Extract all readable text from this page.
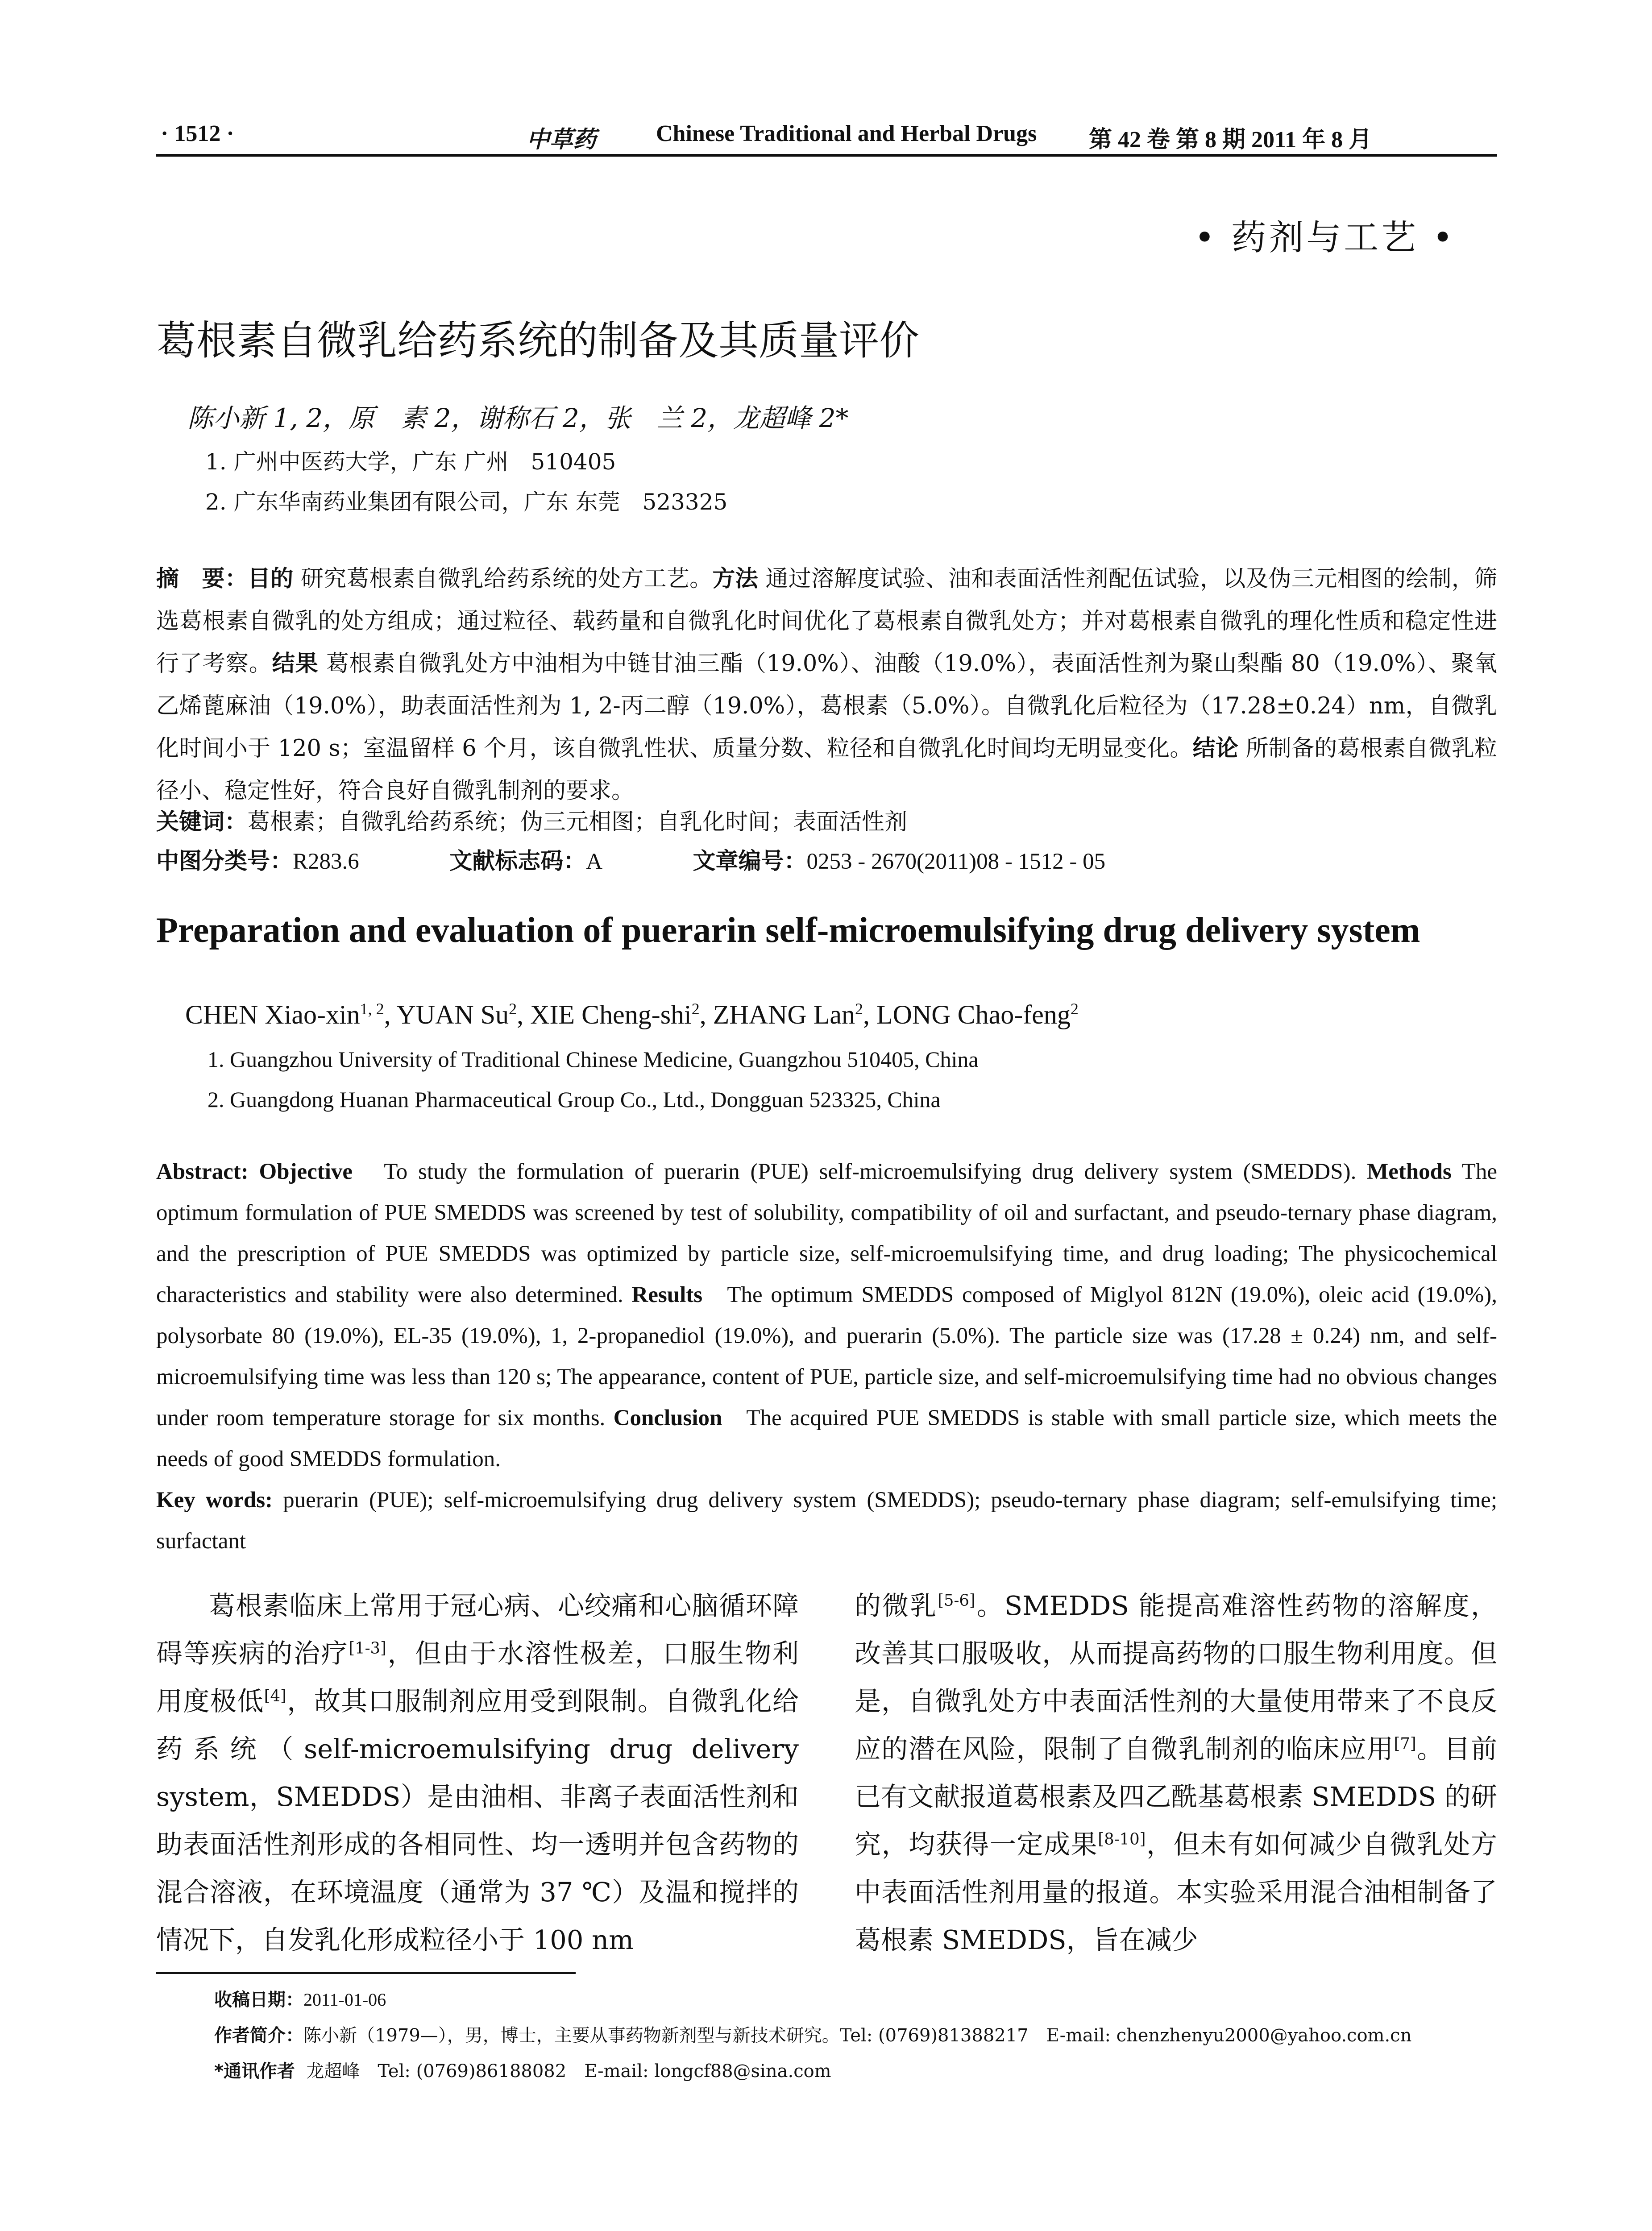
· 1512 ·	中草药	Chinese Traditional and Herbal Drugs 第 42 卷 第 8 期 2011 年 8 月
• 药剂与工艺 •
葛根素自微乳给药系统的制备及其质量评价
陈小新 1, 2，原　素 2，谢称石 2，张　兰 2，龙超峰 2*
1. 广州中医药大学，广东 广州　510405
2. 广东华南药业集团有限公司，广东 东莞　523325
摘　要：目的 研究葛根素自微乳给药系统的处方工艺。方法 通过溶解度试验、油和表面活性剂配伍试验，以及伪三元相图的绘制，筛选葛根素自微乳的处方组成；通过粒径、载药量和自微乳化时间优化了葛根素自微乳处方；并对葛根素自微乳的理化性质和稳定性进行了考察。结果 葛根素自微乳处方中油相为中链甘油三酯（19.0%）、油酸（19.0%），表面活性剂为聚山梨酯 80（19.0%）、聚氧乙烯蓖麻油（19.0%），助表面活性剂为 1, 2-丙二醇（19.0%），葛根素（5.0%）。自微乳化后粒径为（17.28±0.24）nm，自微乳化时间小于 120 s；室温留样 6 个月，该自微乳性状、质量分数、粒径和自微乳化时间均无明显变化。结论 所制备的葛根素自微乳粒径小、稳定性好，符合良好自微乳制剂的要求。
关键词：葛根素；自微乳给药系统；伪三元相图；自乳化时间；表面活性剂
中图分类号：R283.6	文献标志码：A	文章编号：0253 - 2670(2011)08 - 1512 - 05
Preparation and evaluation of puerarin self-microemulsifying drug delivery system
CHEN Xiao-xin$^{1, 2}$, YUAN Su$^2$, XIE Cheng-shi$^2$, ZHANG Lan$^2$, LONG Chao-feng$^2$
1. Guangzhou University of Traditional Chinese Medicine, Guangzhou 510405, China
2. Guangdong Huanan Pharmaceutical Group Co., Ltd., Dongguan 523325, China
Abstract: Objective To study the formulation of puerarin (PUE) self-microemulsifying drug delivery system (SMEDDS). Methods The optimum formulation of PUE SMEDDS was screened by test of solubility, compatibility of oil and surfactant, and pseudo-ternary phase diagram, and the prescription of PUE SMEDDS was optimized by particle size, self-microemulsifying time, and drug loading; The physicochemical characteristics and stability were also determined. Results The optimum SMEDDS composed of Miglyol 812N (19.0%), oleic acid (19.0%), polysorbate 80 (19.0%), EL-35 (19.0%), 1, 2-propanediol (19.0%), and puerarin (5.0%). The particle size was (17.28 ± 0.24) nm, and self-microemulsifying time was less than 120 s; The appearance, content of PUE, particle size, and self-microemulsifying time had no obvious changes under room temperature storage for six months. Conclusion The acquired PUE SMEDDS is stable with small particle size, which meets the needs of good SMEDDS formulation.
Key words: puerarin (PUE); self-microemulsifying drug delivery system (SMEDDS); pseudo-ternary phase diagram; self-emulsifying time; surfactant

葛根素临床上常用于冠心病、心绞痛和心脑循环障碍等疾病的治疗[1-3]，但由于水溶性极差，口服生物利用度极低[4]，故其口服制剂应用受到限制。自微乳化给药系统（self-microemulsifying drug delivery system，SMEDDS）是由油相、非离子表面活性剂和助表面活性剂形成的各相同性、均一透明并包含药物的混合溶液，在环境温度（通常为 37 ℃）及温和搅拌的情况下，自发乳化形成粒径小于 100 nm

的微乳[5-6]。SMEDDS 能提高难溶性药物的溶解度，改善其口服吸收，从而提高药物的口服生物利用度。但是，自微乳处方中表面活性剂的大量使用带来了不良反应的潜在风险，限制了自微乳制剂的临床应用[7]。目前已有文献报道葛根素及四乙酰基葛根素 SMEDDS 的研究，均获得一定成果[8-10]，但未有如何减少自微乳处方中表面活性剂用量的报道。本实验采用混合油相制备了葛根素 SMEDDS，旨在减少

收稿日期：2011-01-06
作者简介：陈小新（1979—），男，博士，主要从事药物新剂型与新技术研究。Tel: (0769)81388217　E-mail: chenzhenyu2000@yahoo.com.cn
*通讯作者 龙超峰　Tel: (0769)86188082　E-mail: longcf88@sina.com
